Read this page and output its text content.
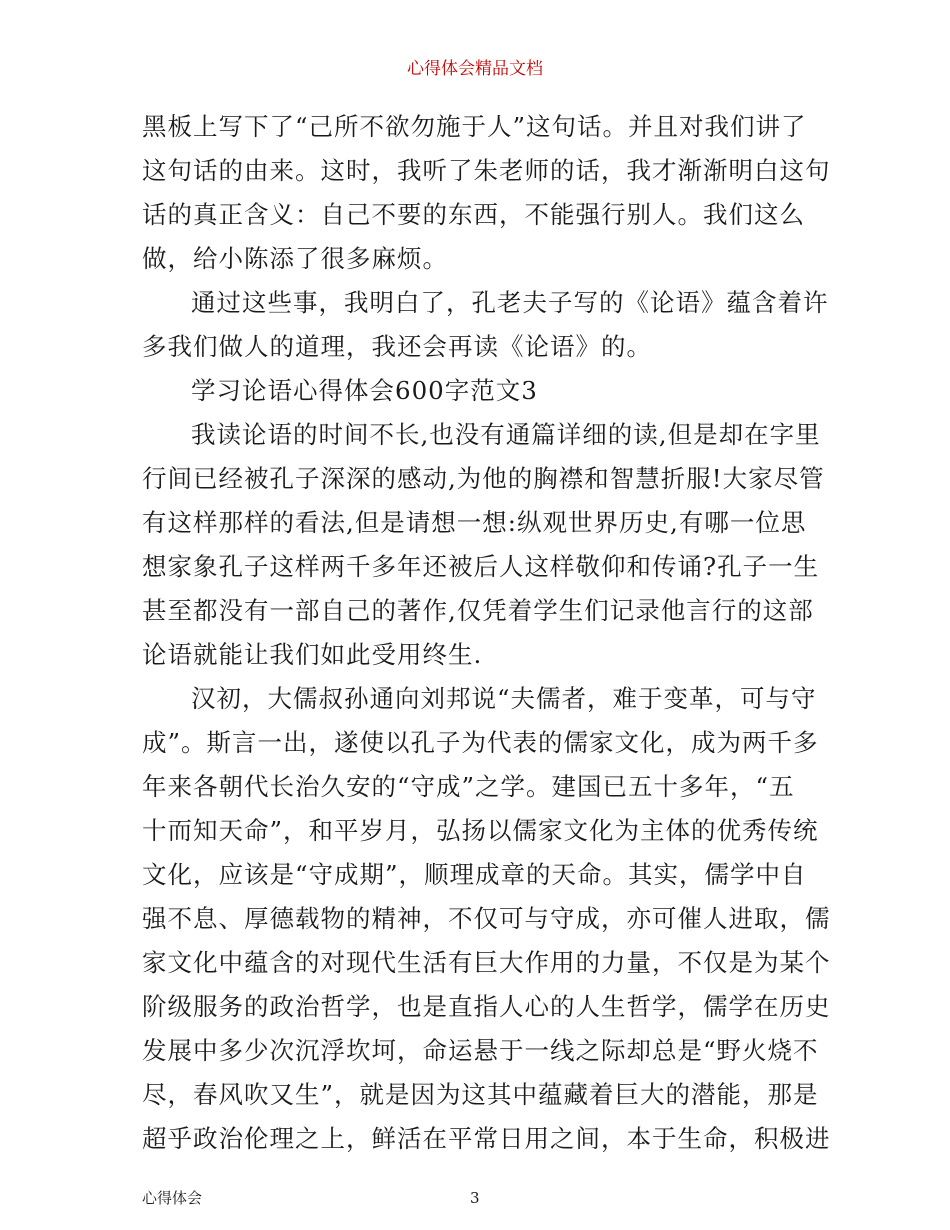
心得体会精品文档
黑板上写下了“己所不欲勿施于人”这句话。并且对我们讲了
这句话的由来。这时，我听了朱老师的话，我才渐渐明白这句
话的真正含义：自己不要的东西，不能强行别人。我们这么
做，给小陈添了很多麻烦。
通过这些事，我明白了，孔老夫子写的《论语》蕴含着许
多我们做人的道理，我还会再读《论语》的。
学习论语心得体会600字范文3
我读论语的时间不长,也没有通篇详细的读,但是却在字里
行间已经被孔子深深的感动,为他的胸襟和智慧折服!大家尽管
有这样那样的看法,但是请想一想:纵观世界历史,有哪一位思
想家象孔子这样两千多年还被后人这样敬仰和传诵?孔子一生
甚至都没有一部自己的著作,仅凭着学生们记录他言行的这部
论语就能让我们如此受用终生.
汉初，大儒叔孙通向刘邦说“夫儒者，难于变革，可与守
成”。斯言一出，遂使以孔子为代表的儒家文化，成为两千多
年来各朝代长治久安的“守成”之学。建国已五十多年，“五
十而知天命”，和平岁月，弘扬以儒家文化为主体的优秀传统
文化，应该是“守成期”，顺理成章的天命。其实，儒学中自
强不息、厚德载物的精神，不仅可与守成，亦可催人进取，儒
家文化中蕴含的对现代生活有巨大作用的力量，不仅是为某个
阶级服务的政治哲学，也是直指人心的人生哲学，儒学在历史
发展中多少次沉浮坎坷，命运悬于一线之际却总是“野火烧不
尽，春风吹又生”，就是因为这其中蕴藏着巨大的潜能，那是
超乎政治伦理之上，鲜活在平常日用之间，本于生命，积极进
心得体会	3
